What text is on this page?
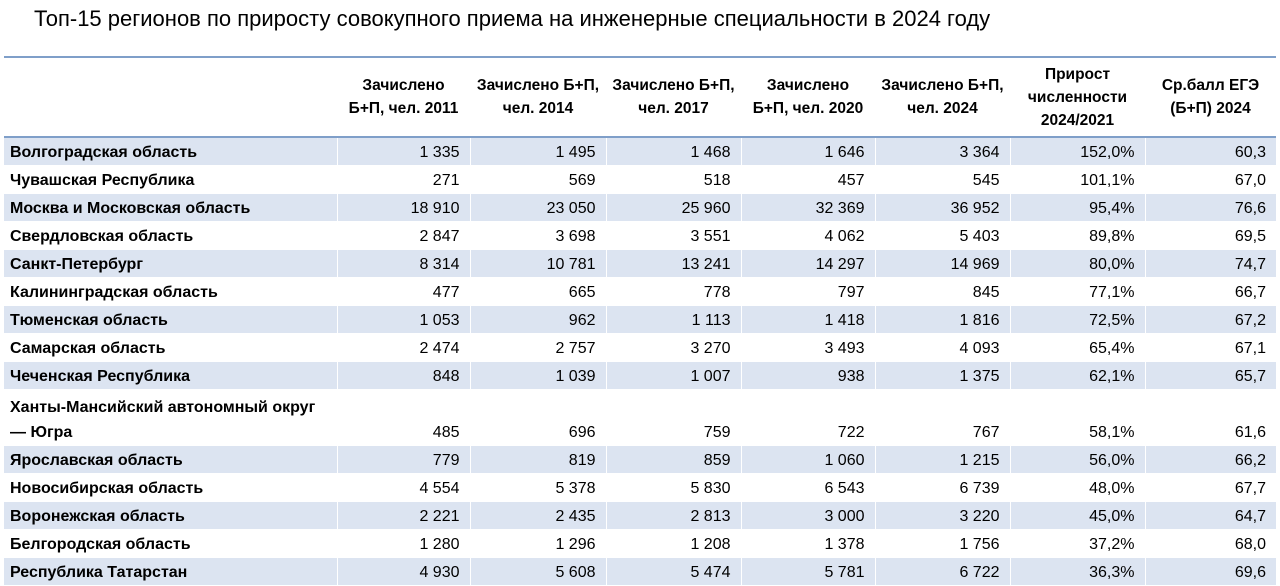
Топ-15 регионов по приросту совокупного приема на инженерные специальности в 2024 году
	Зачислено Б+П, чел. 2011	Зачислено Б+П, чел. 2014	Зачислено Б+П, чел. 2017	Зачислено Б+П, чел. 2020	Зачислено Б+П, чел. 2024	Прирост численности 2024/2021	Ср.балл ЕГЭ (Б+П) 2024
Волгоградская область	1 335	1 495	1 468	1 646	3 364	152,0%	60,3
Чувашская Республика	271	569	518	457	545	101,1%	67,0
Москва и Московская область	18 910	23 050	25 960	32 369	36 952	95,4%	76,6
Свердловская область	2 847	3 698	3 551	4 062	5 403	89,8%	69,5
Санкт-Петербург	8 314	10 781	13 241	14 297	14 969	80,0%	74,7
Калининградская область	477	665	778	797	845	77,1%	66,7
Тюменская область	1 053	962	1 113	1 418	1 816	72,5%	67,2
Самарская область	2 474	2 757	3 270	3 493	4 093	65,4%	67,1
Чеченская Республика	848	1 039	1 007	938	1 375	62,1%	65,7
Ханты-Мансийский автономный округ — Югра	485	696	759	722	767	58,1%	61,6
Ярославская область	779	819	859	1 060	1 215	56,0%	66,2
Новосибирская область	4 554	5 378	5 830	6 543	6 739	48,0%	67,7
Воронежская область	2 221	2 435	2 813	3 000	3 220	45,0%	64,7
Белгородская область	1 280	1 296	1 208	1 378	1 756	37,2%	68,0
Республика Татарстан	4 930	5 608	5 474	5 781	6 722	36,3%	69,6
